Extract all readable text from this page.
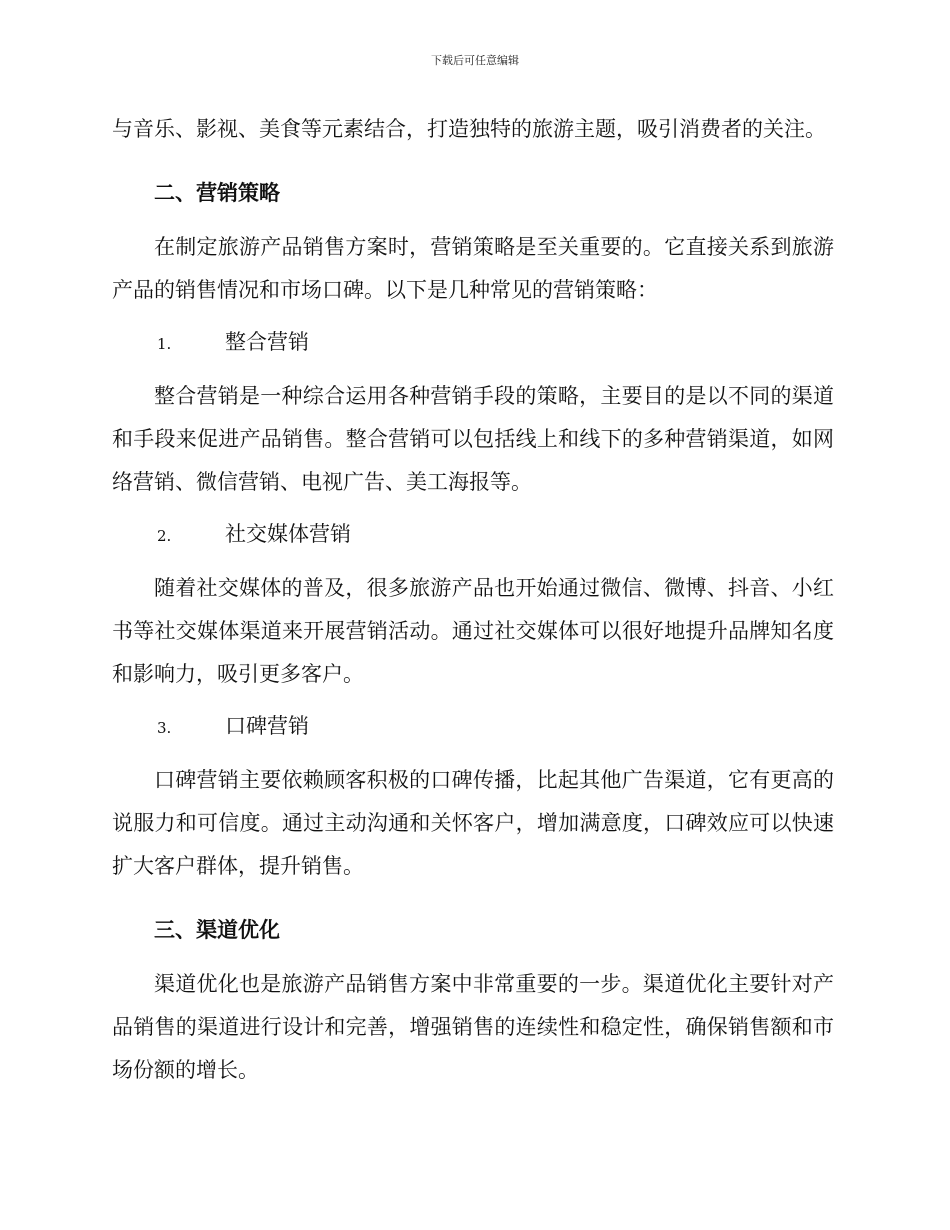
下载后可任意编辑

与音乐、影视、美食等元素结合，打造独特的旅游主题，吸引消费者的关注。

二、营销策略

在制定旅游产品销售方案时，营销策略是至关重要的。它直接关系到旅游产品的销售情况和市场口碑。以下是几种常见的营销策略：

1.	整合营销

整合营销是一种综合运用各种营销手段的策略，主要目的是以不同的渠道和手段来促进产品销售。整合营销可以包括线上和线下的多种营销渠道，如网络营销、微信营销、电视广告、美工海报等。

2.	社交媒体营销

随着社交媒体的普及，很多旅游产品也开始通过微信、微博、抖音、小红书等社交媒体渠道来开展营销活动。通过社交媒体可以很好地提升品牌知名度和影响力，吸引更多客户。

3.	口碑营销

口碑营销主要依赖顾客积极的口碑传播，比起其他广告渠道，它有更高的说服力和可信度。通过主动沟通和关怀客户，增加满意度，口碑效应可以快速扩大客户群体，提升销售。

三、渠道优化

渠道优化也是旅游产品销售方案中非常重要的一步。渠道优化主要针对产品销售的渠道进行设计和完善，增强销售的连续性和稳定性，确保销售额和市场份额的增长。
